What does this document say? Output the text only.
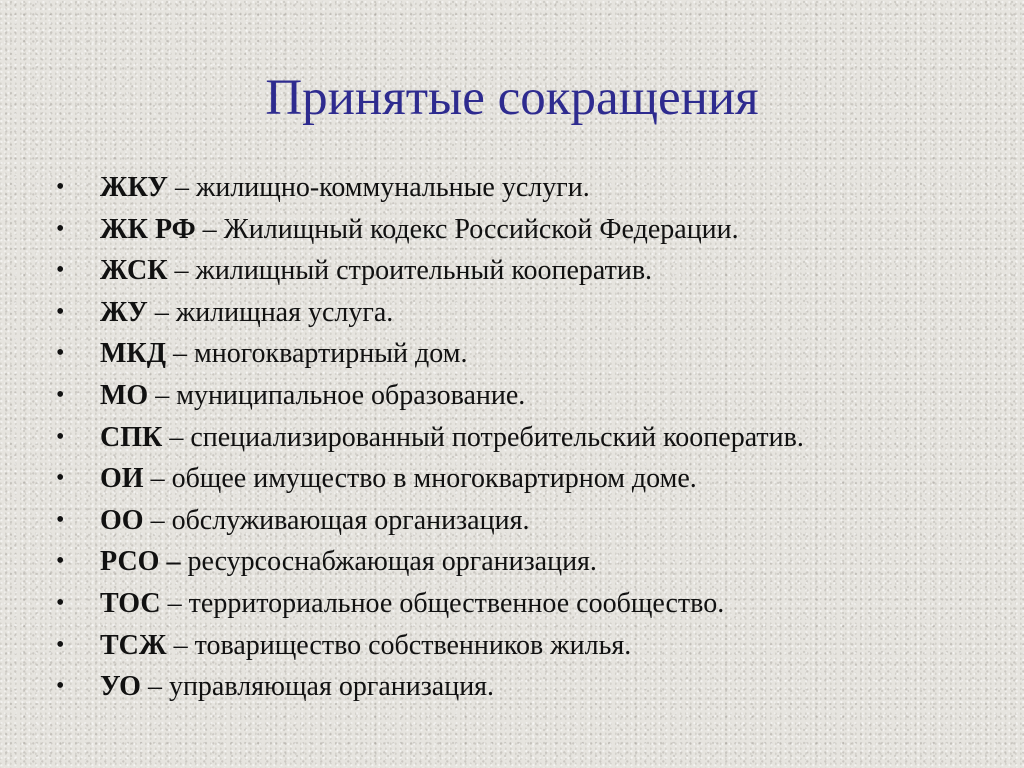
Принятые сокращения
• ЖКУ – жилищно-коммунальные услуги.
• ЖК РФ – Жилищный кодекс Российской Федерации.
• ЖСК – жилищный строительный кооператив.
• ЖУ – жилищная услуга.
• МКД – многоквартирный дом.
• МО – муниципальное образование.
• СПК – специализированный потребительский кооператив.
• ОИ – общее имущество в многоквартирном доме.
• ОО – обслуживающая организация.
• РСО – ресурсоснабжающая организация.
• ТОС – территориальное общественное сообщество.
• ТСЖ – товарищество собственников жилья.
• УО – управляющая организация.
